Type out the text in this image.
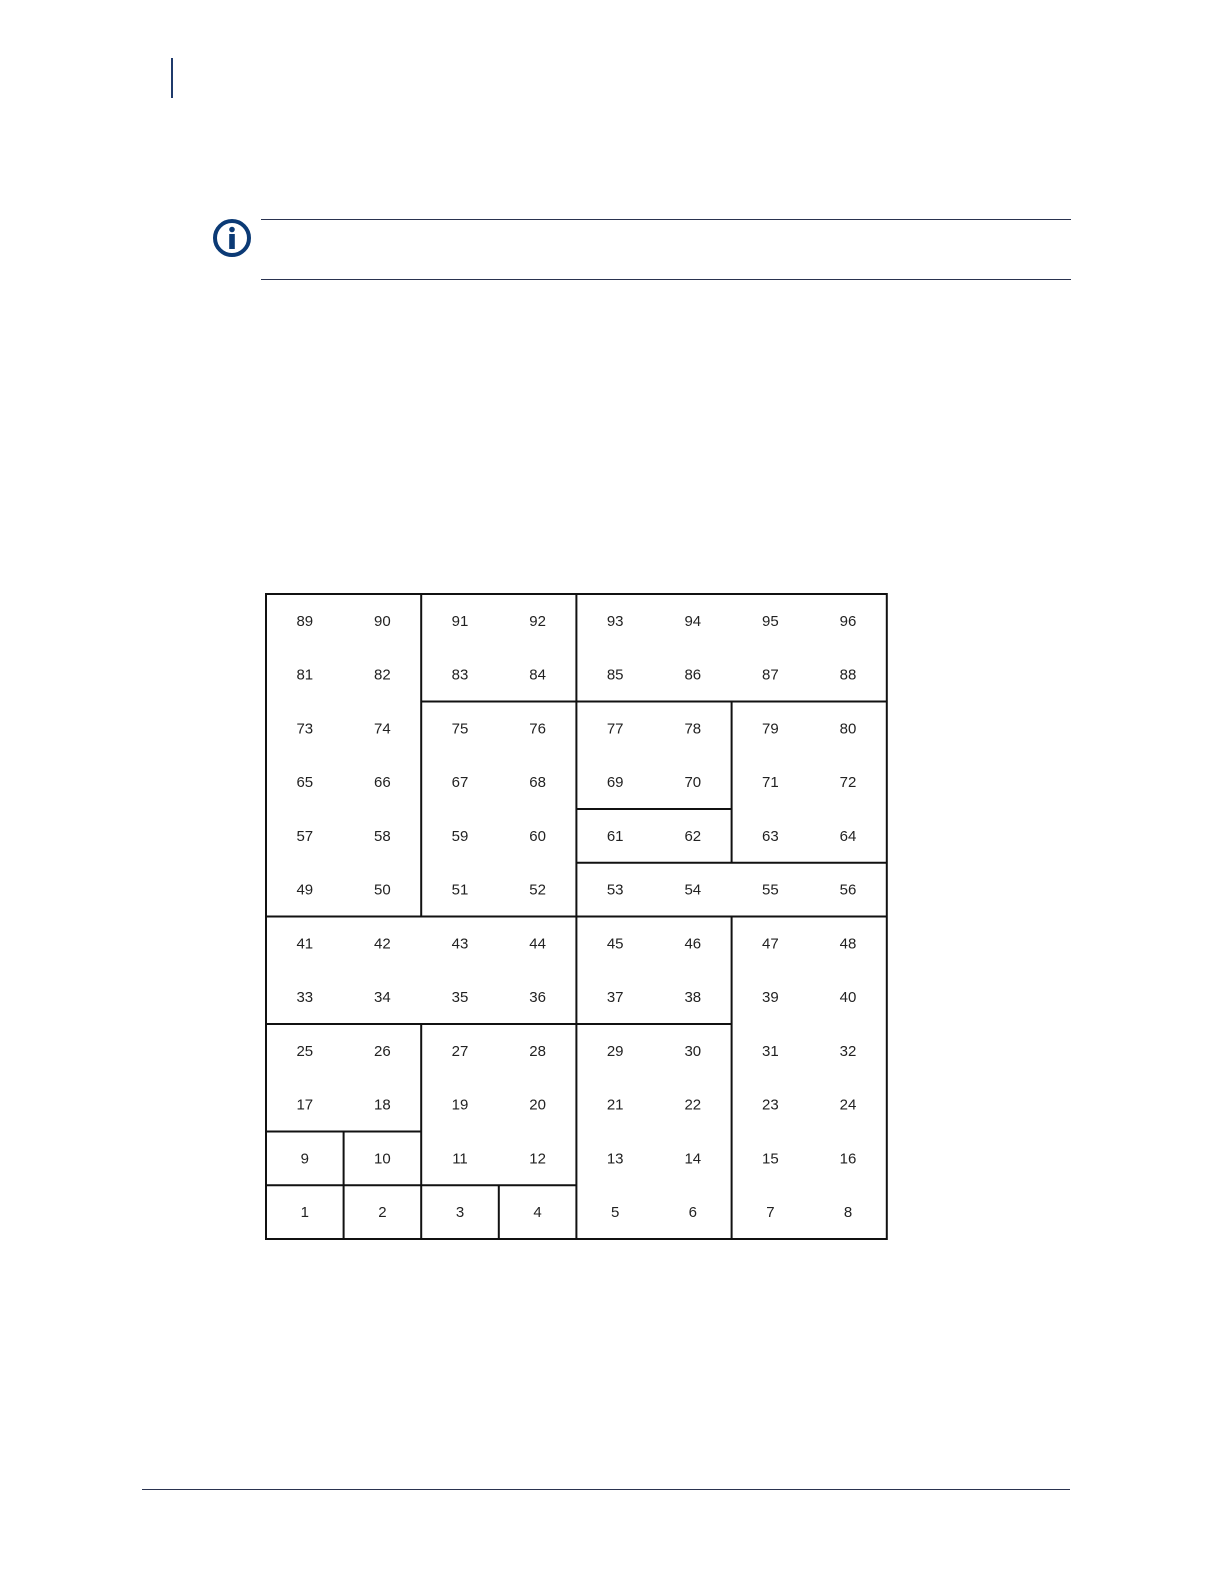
1	2	3	4	5	6	7	8
9	10	11	12	13	14	15	16
17	18	19	20	21	22	23	24
25	26	27	28	29	30	31	32
33	34	35	36	37	38	39	40
41	42	43	44	45	46	47	48
49	50	51	52	53	54	55	56
57	58	59	60	61	62	63	64
65	66	67	68	69	70	71	72
73	74	75	76	77	78	79	80
81	82	83	84	85	86	87	88
89	90	91	92	93	94	95	96
